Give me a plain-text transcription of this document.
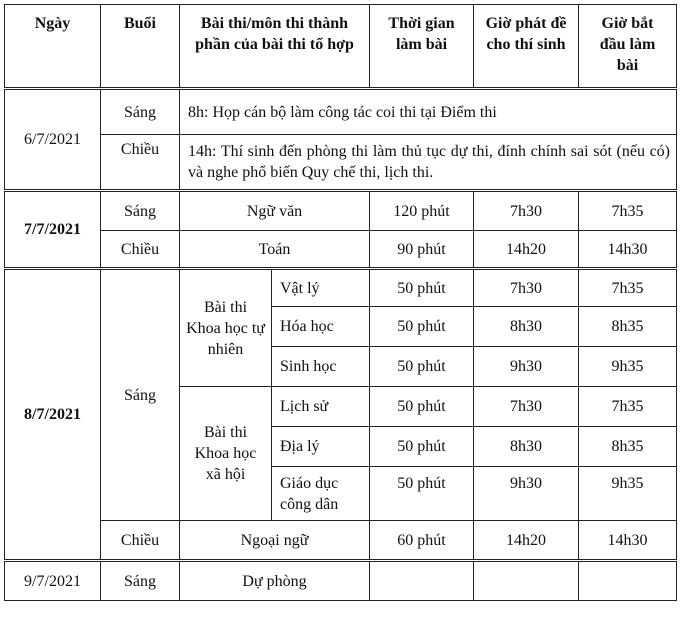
Ngày	Buổi	Bài thi/môn thi thành phần của bài thi tổ hợp		Thời gian làm bài	Giờ phát đề cho thí sinh	Giờ bắt đầu làm bài
6/7/2021	Sáng	8h: Họp cán bộ làm công tác coi thi tại Điểm thi				
	Chiều	14h: Thí sinh đến phòng thi làm thủ tục dự thi, đính chính sai sót (nếu có) và nghe phổ biến Quy chế thi, lịch thi.				
7/7/2021	Sáng	Ngữ văn		120 phút	7h30	7h35
	Chiều	Toán		90 phút	14h20	14h30
8/7/2021	Sáng	Bài thi Khoa học tự nhiên	Vật lý	50 phút	7h30	7h35
			Hóa học	50 phút	8h30	8h35
			Sinh học	50 phút	9h30	9h35
		Bài thi Khoa học xã hội	Lịch sử	50 phút	7h30	7h35
			Địa lý	50 phút	8h30	8h35
			Giáo dục công dân	50 phút	9h30	9h35
	Chiều	Ngoại ngữ		60 phút	14h20	14h30
9/7/2021	Sáng	Dự phòng				
